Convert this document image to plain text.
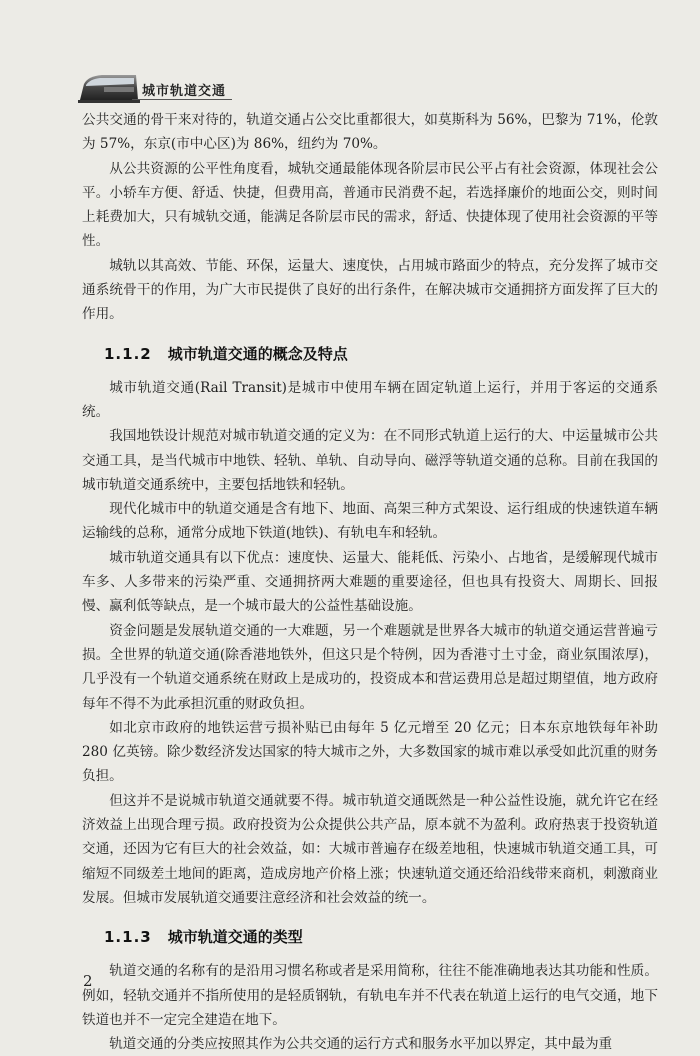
城市轨道交通

公共交通的骨干来对待的，轨道交通占公交比重都很大，如莫斯科为 56%，巴黎为 71%，伦敦为 57%，东京(市中心区)为 86%，纽约为 70%。

从公共资源的公平性角度看，城轨交通最能体现各阶层市民公平占有社会资源，体现社会公平。小轿车方便、舒适、快捷，但费用高，普通市民消费不起，若选择廉价的地面公交，则时间上耗费加大，只有城轨交通，能满足各阶层市民的需求，舒适、快捷体现了使用社会资源的平等性。

城轨以其高效、节能、环保，运量大、速度快，占用城市路面少的特点，充分发挥了城市交通系统骨干的作用，为广大市民提供了良好的出行条件，在解决城市交通拥挤方面发挥了巨大的作用。

1.1.2 城市轨道交通的概念及特点

城市轨道交通(Rail Transit)是城市中使用车辆在固定轨道上运行，并用于客运的交通系统。

我国地铁设计规范对城市轨道交通的定义为：在不同形式轨道上运行的大、中运量城市公共交通工具，是当代城市中地铁、轻轨、单轨、自动导向、磁浮等轨道交通的总称。目前在我国的城市轨道交通系统中，主要包括地铁和轻轨。

现代化城市中的轨道交通是含有地下、地面、高架三种方式架设、运行组成的快速铁道车辆运输线的总称，通常分成地下铁道(地铁)、有轨电车和轻轨。

城市轨道交通具有以下优点：速度快、运量大、能耗低、污染小、占地省，是缓解现代城市车多、人多带来的污染严重、交通拥挤两大难题的重要途径，但也具有投资大、周期长、回报慢、赢利低等缺点，是一个城市最大的公益性基础设施。

资金问题是发展轨道交通的一大难题，另一个难题就是世界各大城市的轨道交通运营普遍亏损。全世界的轨道交通(除香港地铁外，但这只是个特例，因为香港寸土寸金，商业氛围浓厚)，几乎没有一个轨道交通系统在财政上是成功的，投资成本和营运费用总是超过期望值，地方政府每年不得不为此承担沉重的财政负担。

如北京市政府的地铁运营亏损补贴已由每年 5 亿元增至 20 亿元；日本东京地铁每年补助 280 亿英镑。除少数经济发达国家的特大城市之外，大多数国家的城市难以承受如此沉重的财务负担。

但这并不是说城市轨道交通就要不得。城市轨道交通既然是一种公益性设施，就允许它在经济效益上出现合理亏损。政府投资为公众提供公共产品，原本就不为盈利。政府热衷于投资轨道交通，还因为它有巨大的社会效益，如：大城市普遍存在级差地租，快速城市轨道交通工具，可缩短不同级差土地间的距离，造成房地产价格上涨；快速轨道交通还给沿线带来商机，刺激商业发展。但城市发展轨道交通要注意经济和社会效益的统一。

1.1.3 城市轨道交通的类型

轨道交通的名称有的是沿用习惯名称或者是采用简称，往往不能准确地表达其功能和性质。例如，轻轨交通并不指所使用的是轻质钢轨，有轨电车并不代表在轨道上运行的电气交通，地下铁道也并不一定完全建造在地下。

轨道交通的分类应按照其作为公共交通的运行方式和服务水平加以界定，其中最为重

2
